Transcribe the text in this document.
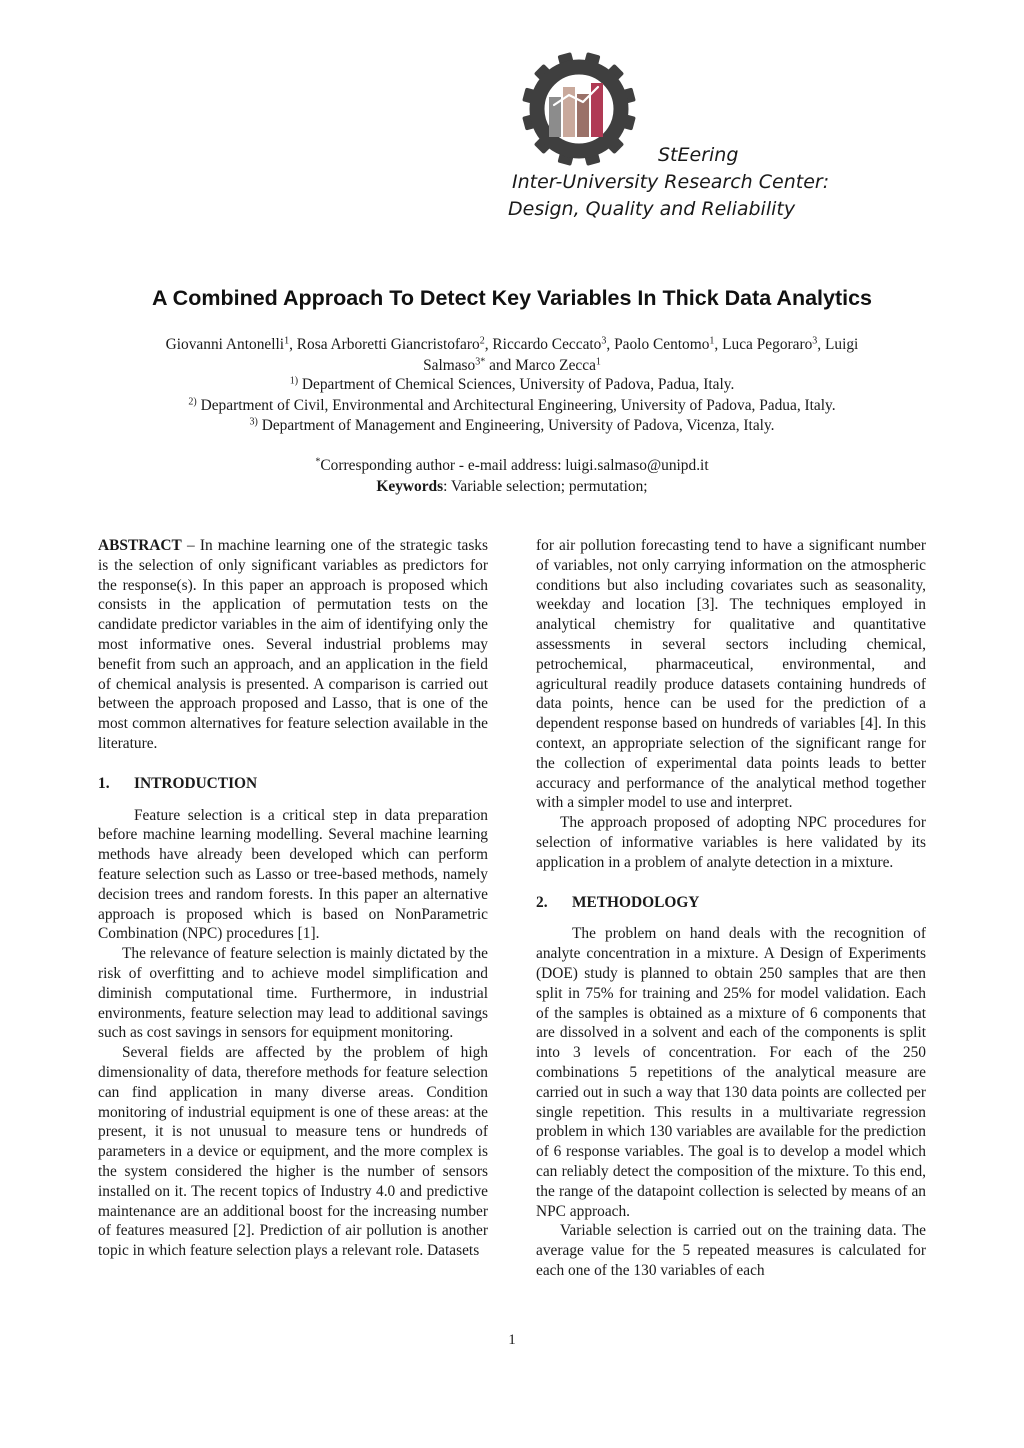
StEering
Inter-University Research Center:
Design, Quality and Reliability
A Combined Approach To Detect Key Variables In Thick Data Analytics
Giovanni Antonelli$^1$, Rosa Arboretti Giancristofaro$^2$, Riccardo Ceccato$^3$, Paolo Centomo$^1$, Luca Pegoraro$^3$, Luigi
Salmaso$^{3*}$ and Marco Zecca$^1$
$^{1)}$ Department of Chemical Sciences, University of Padova, Padua, Italy.
$^{2)}$ Department of Civil, Environmental and Architectural Engineering, University of Padova, Padua, Italy.
$^{3)}$ Department of Management and Engineering, University of Padova, Vicenza, Italy.
*Corresponding author - e-mail address: luigi.salmaso@unipd.it
Keywords: Variable selection; permutation;

ABSTRACT – In machine learning one of the strategic tasks is the selection of only significant variables as predictors for the response(s). In this paper an approach is proposed which consists in the application of permutation tests on the candidate predictor variables in the aim of identifying only the most informative ones. Several industrial problems may benefit from such an approach, and an application in the field of chemical analysis is presented. A comparison is carried out between the approach proposed and Lasso, that is one of the most common alternatives for feature selection available in the literature.

1.	INTRODUCTION

Feature selection is a critical step in data preparation before machine learning modelling. Several machine learning methods have already been developed which can perform feature selection such as Lasso or tree-based methods, namely decision trees and random forests. In this paper an alternative approach is proposed which is based on NonParametric Combination (NPC) procedures [1].

The relevance of feature selection is mainly dictated by the risk of overfitting and to achieve model simplification and diminish computational time. Furthermore, in industrial environments, feature selection may lead to additional savings such as cost savings in sensors for equipment monitoring.

Several fields are affected by the problem of high dimensionality of data, therefore methods for feature selection can find application in many diverse areas. Condition monitoring of industrial equipment is one of these areas: at the present, it is not unusual to measure tens or hundreds of parameters in a device or equipment, and the more complex is the system considered the higher is the number of sensors installed on it. The recent topics of Industry 4.0 and predictive maintenance are an additional boost for the increasing number of features measured [2]. Prediction of air pollution is another topic in which feature selection plays a relevant role. Datasets

for air pollution forecasting tend to have a significant number of variables, not only carrying information on the atmospheric conditions but also including covariates such as seasonality, weekday and location [3]. The techniques employed in analytical chemistry for qualitative and quantitative assessments in several sectors including chemical, petrochemical, pharmaceutical, environmental, and agricultural readily produce datasets containing hundreds of data points, hence can be used for the prediction of a dependent response based on hundreds of variables [4]. In this context, an appropriate selection of the significant range for the collection of experimental data points leads to better accuracy and performance of the analytical method together with a simpler model to use and interpret.

The approach proposed of adopting NPC procedures for selection of informative variables is here validated by its application in a problem of analyte detection in a mixture.

2.	METHODOLOGY

The problem on hand deals with the recognition of analyte concentration in a mixture. A Design of Experiments (DOE) study is planned to obtain 250 samples that are then split in 75% for training and 25% for model validation. Each of the samples is obtained as a mixture of 6 components that are dissolved in a solvent and each of the components is split into 3 levels of concentration. For each of the 250 combinations 5 repetitions of the analytical measure are carried out in such a way that 130 data points are collected per single repetition. This results in a multivariate regression problem in which 130 variables are available for the prediction of 6 response variables. The goal is to develop a model which can reliably detect the composition of the mixture. To this end, the range of the datapoint collection is selected by means of an NPC approach.

Variable selection is carried out on the training data. The average value for the 5 repeated measures is calculated for each one of the 130 variables of each

1
